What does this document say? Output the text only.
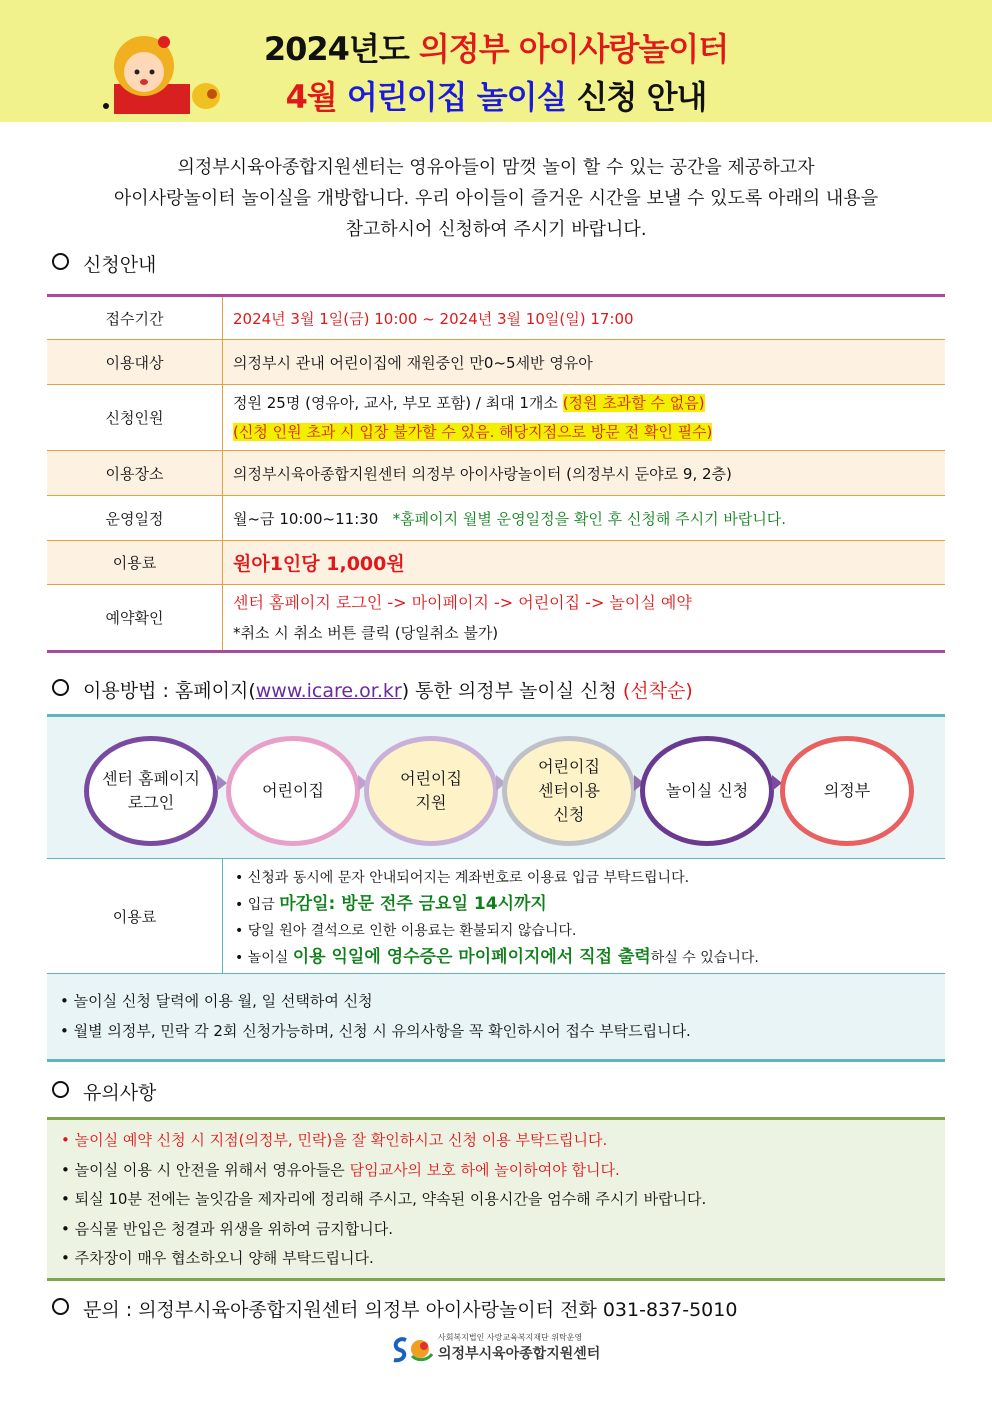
2024년도 의정부 아이사랑놀이터
4월 어린이집 놀이실 신청 안내
의정부시육아종합지원센터는 영유아들이 맘껏 놀이 할 수 있는 공간을 제공하고자
아이사랑놀이터 놀이실을 개방합니다. 우리 아이들이 즐거운 시간을 보낼 수 있도록 아래의 내용을
참고하시어 신청하여 주시기 바랍니다.
신청안내
접수기간	2024년 3월 1일(금) 10:00 ~ 2024년 3월 10일(일) 17:00
이용대상	의정부시 관내 어린이집에 재원중인 만0~5세반 영유아
신청인원	정원 25명 (영유아, 교사, 부모 포함) / 최대 1개소 (정원 초과할 수 없음)
(신청 인원 초과 시 입장 불가할 수 있음. 해당지점으로 방문 전 확인 필수)
이용장소	의정부시육아종합지원센터 의정부 아이사랑놀이터 (의정부시 둔야로 9, 2층)
운영일정	월~금 10:00~11:30 *홈페이지 월별 운영일정을 확인 후 신청해 주시기 바랍니다.
이용료	원아1인당 1,000원
예약확인	센터 홈페이지 로그인 -> 마이페이지 -> 어린이집 -> 놀이실 예약
*취소 시 취소 버튼 클릭 (당일취소 불가)
이용방법 : 홈페이지(www.icare.or.kr) 통한 의정부 놀이실 신청 (선착순)
센터 홈페이지
로그인
어린이집
어린이집
지원
어린이집
센터이용
신청
놀이실 신청	의정부
이용료
• 신청과 동시에 문자 안내되어지는 계좌번호로 이용료 입금 부탁드립니다.
• 입금 마감일: 방문 전주 금요일 14시까지
• 당일 원아 결석으로 인한 이용료는 환불되지 않습니다.
• 놀이실 이용 익일에 영수증은 마이페이지에서 직접 출력하실 수 있습니다.
• 놀이실 신청 달력에 이용 월, 일 선택하여 신청
• 월별 의정부, 민락 각 2회 신청가능하며, 신청 시 유의사항을 꼭 확인하시어 접수 부탁드립니다.
유의사항
• 놀이실 예약 신청 시 지점(의정부, 민락)을 잘 확인하시고 신청 이용 부탁드립니다.
• 놀이실 이용 시 안전을 위해서 영유아들은 담임교사의 보호 하에 놀이하여야 합니다.
• 퇴실 10분 전에는 놀잇감을 제자리에 정리해 주시고, 약속된 이용시간을 엄수해 주시기 바랍니다.
• 음식물 반입은 청결과 위생을 위하여 금지합니다.
• 주차장이 매우 협소하오니 양해 부탁드립니다.
문의 : 의정부시육아종합지원센터 의정부 아이사랑놀이터 전화 031-837-5010
사회복지법인 사랑교육복지재단 위탁운영
의정부시육아종합지원센터
